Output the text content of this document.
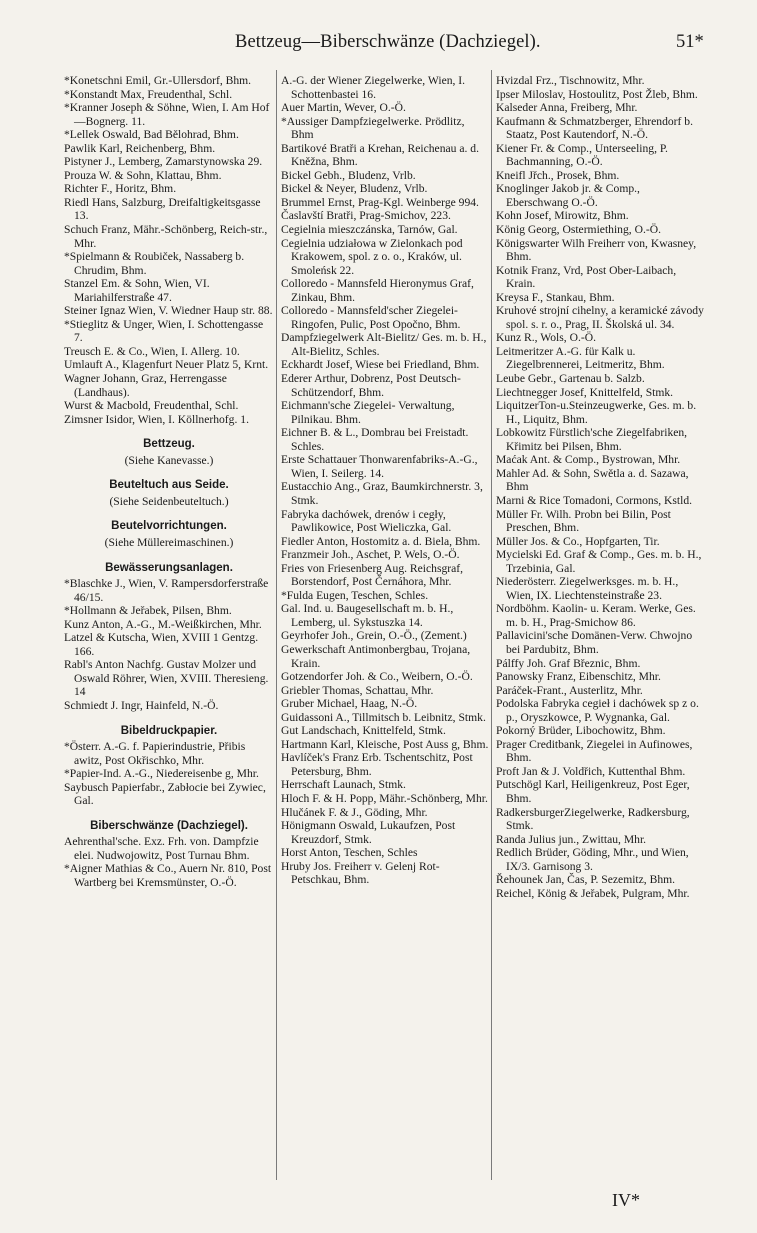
Bettzeug—Biberschwänze (Dachziegel).	51*
*Konetschni Emil, Gr.-Ullersdorf, Bhm.
*Konstandt Max, Freudenthal, Schl.
*Kranner Joseph & Söhne, Wien, I. Am Hof—Bognerg. 11.
*Lellek Oswald, Bad Bělohrad, Bhm.
Pawlik Karl, Reichenberg, Bhm.
Pistyner J., Lemberg, Zamarstynowska 29.
Prouza W. & Sohn, Klattau, Bhm.
Richter F., Horitz, Bhm.
Riedl Hans, Salzburg, Dreifaltigkeitsgasse 13.
Schuch Franz, Mähr.-Schönberg, Reich-str., Mhr.
*Spielmann & Roubiček, Nassaberg b. Chrudim, Bhm.
Stanzel Em. & Sohn, Wien, VI. Mariahilferstraße 47.
Steiner Ignaz Wien, V. Wiedner Haup str. 88.
*Stieglitz & Unger, Wien, I. Schottengasse 7.
Treusch E. & Co., Wien, I. Allerg. 10.
Umlauft A., Klagenfurt Neuer Platz 5, Krnt.
Wagner Johann, Graz, Herrengasse (Landhaus).
Wurst & Macbold, Freudenthal, Schl.
Zimsner Isidor, Wien, I. Köllnerhofg. 1.
Bettzeug.
(Siehe Kanevasse.)
Beuteltuch aus Seide.
(Siehe Seidenbeuteltuch.)
Beutelvorrichtungen.
(Siehe Müllereimaschinen.)
Bewässerungsanlagen.
*Blaschke J., Wien, V. Rampersdorferstraße 46/15.
*Hollmann & Jeřabek, Pilsen, Bhm.
Kunz Anton, A.-G., M.-Weißkirchen, Mhr.
Latzel & Kutscha, Wien, XVIII 1 Gentzg. 166.
Rabl's Anton Nachfg. Gustav Molzer und Oswald Röhrer, Wien, XVIII. Theresieng. 14
Schmiedt J. Ingr, Hainfeld, N.-Ö.
Bibeldruckpapier.
*Österr. A.-G. f. Papierindustrie, Přibis awitz, Post Okřischko, Mhr.
*Papier-Ind. A.-G., Niedereisenbe g, Mhr.
Saybusch Papierfabr., Zabłocie bei Zywiec, Gal.
Biberschwänze (Dachziegel).
Aehrenthal'sche. Exz. Frh. von. Dampfzie elei. Nudwojowitz, Post Turnau Bhm.
*Aigner Mathias & Co., Auern Nr. 810, Post Wartberg bei Kremsmünster, O.-Ö.
A.-G. der Wiener Ziegelwerke, Wien, I. Schottenbastei 16.
Auer Martin, Wever, O.-Ö.
*Aussiger Dampfziegelwerke. Prödlitz, Bhm
Bartikové Bratři a Krehan, Reichenau a. d. Kněžna, Bhm.
Bickel Gebh., Bludenz, Vrlb.
Bickel & Neyer, Bludenz, Vrlb.
Brummel Ernst, Prag-Kgl. Weinberge 994.
Časlavští Bratři, Prag-Smichov, 223.
Cegielnia mieszczánska, Tarnów, Gal.
Cegielnia udziałowa w Zielonkach pod Krakowem, spol. z o. o., Kraków, ul. Smoleńsk 22.
Colloredo - Mannsfeld Hieronymus Graf, Zinkau, Bhm.
Colloredo - Mannsfeld'scher Ziegelei-Ringofen, Pulic, Post Opočno, Bhm.
Dampfziegelwerk Alt-Bielitz/ Ges. m. b. H., Alt-Bielitz, Schles.
Eckhardt Josef, Wiese bei Friedland, Bhm.
Ederer Arthur, Dobrenz, Post Deutsch-Schützendorf, Bhm.
Eichmann'sche Ziegelei- Verwaltung, Pilnikau. Bhm.
Eichner B. & L., Dombrau bei Freistadt. Schles.
Erste Schattauer Thonwarenfabriks-A.-G., Wien, I. Seilerg. 14.
Eustacchio Ang., Graz, Baumkirchnerstr. 3, Stmk.
Fabryka dachówek, drenów i cegły, Pawlikowice, Post Wieliczka, Gal.
Fiedler Anton, Hostomitz a. d. Biela, Bhm.
Franzmeir Joh., Aschet, P. Wels, O.-Ö.
Fries von Friesenberg Aug. Reichsgraf, Borstendorf, Post Černáhora, Mhr.
*Fulda Eugen, Teschen, Schles.
Gal. Ind. u. Baugesellschaft m. b. H., Lemberg, ul. Sykstuszka 14.
Geyrhofer Joh., Grein, O.-Ö., (Zement.)
Gewerkschaft Antimonbergbau, Trojana, Krain.
Gotzendorfer Joh. & Co., Weibern, O.-Ö.
Griebler Thomas, Schattau, Mhr.
Gruber Michael, Haag, N.-Ö.
Guidassoni A., Tillmitsch b. Leibnitz, Stmk.
Gut Landschach, Knittelfeld, Stmk.
Hartmann Karl, Kleische, Post Auss g, Bhm.
Havlíček's Franz Erb. Tschentschitz, Post Petersburg, Bhm.
Herrschaft Launach, Stmk.
Hloch F. & H. Popp, Mähr.-Schönberg, Mhr.
Hlučánek F. & J., Göding, Mhr.
Hönigmann Oswald, Lukaufzen, Post Kreuzdorf, Stmk.
Horst Anton, Teschen, Schles
Hruby Jos. Freiherr v. Gelenj Rot-Petschkau, Bhm.
Hvizdal Frz., Tischnowitz, Mhr.
Ipser Miloslav, Hostoulitz, Post Žleb, Bhm.
Kalseder Anna, Freiberg, Mhr.
Kaufmann & Schmatzberger, Ehrendorf b. Staatz, Post Kautendorf, N.-Ö.
Kiener Fr. & Comp., Unterseeling, P. Bachmanning, O.-Ö.
Kneifl Jřch., Prosek, Bhm.
Knoglinger Jakob jr. & Comp., Eberschwang O.-Ö.
Kohn Josef, Mirowitz, Bhm.
König Georg, Ostermiething, O.-Ö.
Königswarter Wilh Freiherr von, Kwasney, Bhm.
Kotnik Franz, Vrd, Post Ober-Laibach, Krain.
Kreysa F., Stankau, Bhm.
Kruhové strojní cihelny, a keramické závody spol. s. r. o., Prag, II. Školská ul. 34.
Kunz R., Wols, O.-Ö.
Leitmeritzer A.-G. für Kalk u. Ziegelbrennerei, Leitmeritz, Bhm.
Leube Gebr., Gartenau b. Salzb.
Liechtnegger Josef, Knittelfeld, Stmk.
LiquitzerTon-u.Steinzeugwerke, Ges. m. b. H., Liquitz, Bhm.
Lobkowitz Fürstlich'sche Ziegelfabriken, Křimitz bei Pilsen, Bhm.
Maćak Ant. & Comp., Bystrowan, Mhr.
Mahler Ad. & Sohn, Swětla a. d. Sazawa, Bhm
Marni & Rice Tomadoni, Cormons, Kstld.
Müller Fr. Wilh. Probn bei Bilin, Post Preschen, Bhm.
Müller Jos. & Co., Hopfgarten, Tir.
Mycielski Ed. Graf & Comp., Ges. m. b. H., Trzebinia, Gal.
Niederösterr. Ziegelwerksges. m. b. H., Wien, IX. Liechtensteinstraße 23.
Nordböhm. Kaolin- u. Keram. Werke, Ges. m. b. H., Prag-Smichow 86.
Pallavicini'sche Domänen-Verw. Chwojno bei Pardubitz, Bhm.
Pálffy Joh. Graf Březnic, Bhm.
Panowsky Franz, Eibenschitz, Mhr.
Paráček-Frant., Austerlitz, Mhr.
Podolska Fabryka cegieł i dachówek sp z o. p., Oryszkowce, P. Wygnanka, Gal.
Pokorný Brüder, Libochowitz, Bhm.
Prager Creditbank, Ziegelei in Aufinowes, Bhm.
Proft Jan & J. Voldřich, Kuttenthal Bhm.
Putschögl Karl, Heiligenkreuz, Post Eger, Bhm.
RadkersburgerZiegelwerke, Radkersburg, Stmk.
Randa Julius jun., Zwittau, Mhr.
Redlich Brüder, Göding, Mhr., und Wien, IX/3. Garnisong 3.
Řehounek Jan, Čas, P. Sezemitz, Bhm.
Reichel, König & Jeřabek, Pulgram, Mhr.
IV*
